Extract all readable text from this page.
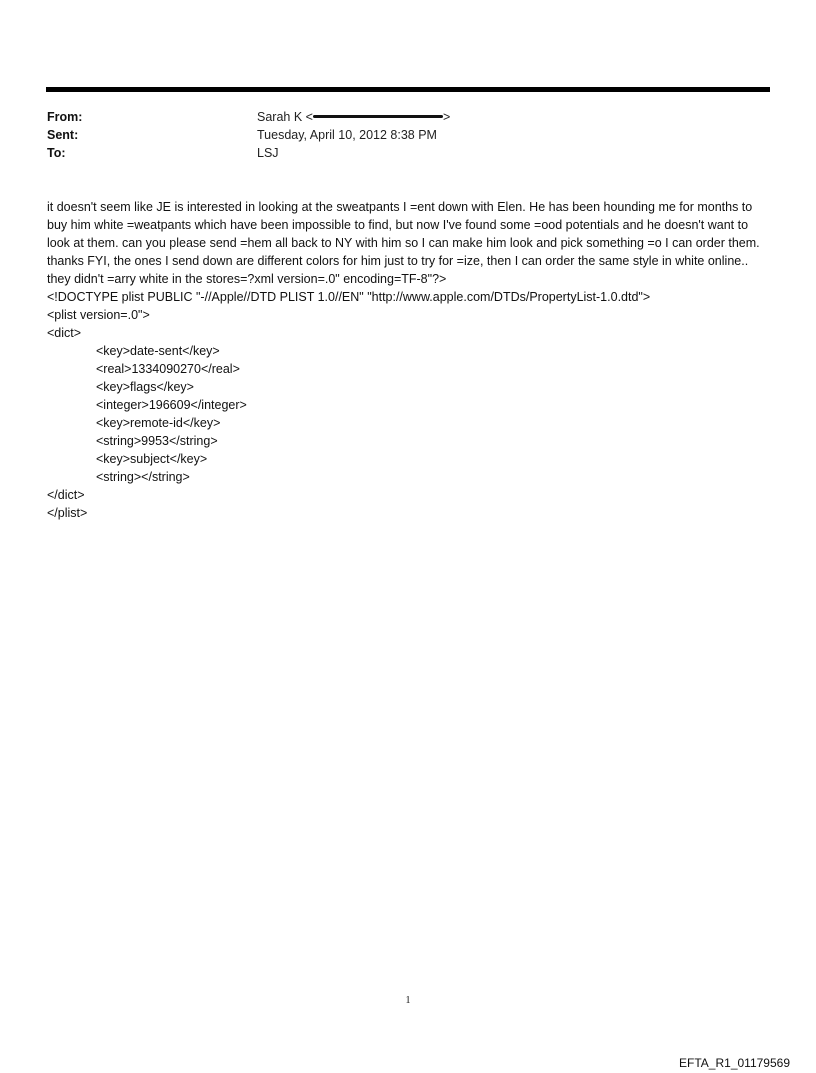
From:	Sarah K <	>
Sent:	Tuesday, April 10, 2012 8:38 PM
To:	LSJ

it doesn't seem like JE is interested in looking at the sweatpants I =ent down with Elen. He has been hounding me for months to buy him white =weatpants which have been impossible to find, but now I've found some =ood potentials and he doesn't want to look at them. can you please send =hem all back to NY with him so I can make him look and pick something =o I can order them. thanks FYI, the ones I send down are different colors for him just to try for =ize, then I can order the same style in white online.. they didn't =arry white in the stores=?xml version=.0" encoding=TF-8"?>

<!DOCTYPE plist PUBLIC "-//Apple//DTD PLIST 1.0//EN" "http://www.apple.com/DTDs/PropertyList-1.0.dtd">

<plist version=.0">

<dict>

<key>date-sent</key>

<real>1334090270</real>

<key>flags</key>

<integer>196609</integer>

<key>remote-id</key>

<string>9953</string>

<key>subject</key>

<string></string>

</dict>

</plist>

1
EFTA_R1_01179569
